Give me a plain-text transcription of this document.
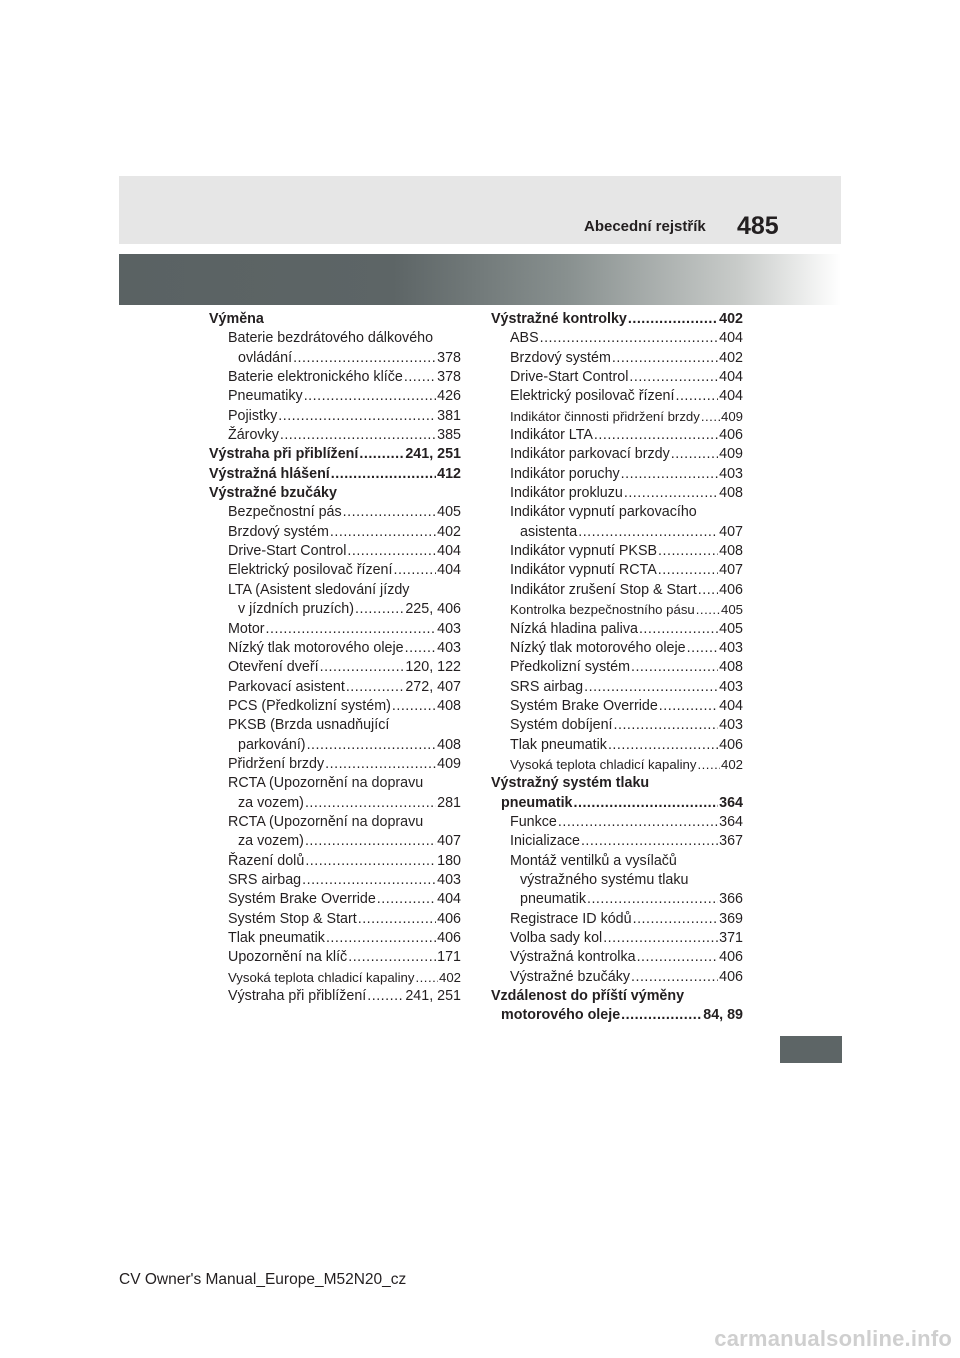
Abecední rejstřík 485
Výměna
Baterie bezdrátového dálkového
ovládání .....	378
Baterie elektronického klíče ..... 378
Pneumatiky .....	426
Pojistky .....	381
Žárovky .....	385
Výstraha při přiblížení .....	241, 251
Výstražná hlášení .....	412
Výstražné bzučáky
Bezpečnostní pás .....	405
Brzdový systém .....	402
Drive-Start Control .....	404
Elektrický posilovač řízení .....	404
LTA (Asistent sledování jízdy
v jízdních pruzích) .....	225, 406
Motor .....	403
Nízký tlak motorového oleje ..... 403
Otevření dveří .....	120, 122
Parkovací asistent .....	272, 407
PCS (Předkolizní systém) .....	408
PKSB (Brzda usnadňující
parkování) .....	408
Přidržení brzdy .....	409
RCTA (Upozornění na dopravu
za vozem) .....	281
RCTA (Upozornění na dopravu
za vozem) .....	407
Řazení dolů .....	180
SRS airbag .....	403
Systém Brake Override .....	404
Systém Stop & Start .....	406
Tlak pneumatik .....	406
Upozornění na klíč .....	171
Vysoká teplota chladicí kapaliny ..... 402
Výstraha při přiblížení .....	241, 251
Výstražné kontrolky .....	402
ABS .....	404
Brzdový systém .....	402
Drive-Start Control .....	404
Elektrický posilovač řízení .....	404
Indikátor činnosti přidržení brzdy ..... 409
Indikátor LTA .....	406
Indikátor parkovací brzdy .....	409
Indikátor poruchy .....	403
Indikátor prokluzu .....	408
Indikátor vypnutí parkovacího
asistenta .....	407
Indikátor vypnutí PKSB .....	408
Indikátor vypnutí RCTA .....	407
Indikátor zrušení Stop & Start ..... 406
Kontrolka bezpečnostního pásu ..... 405
Nízká hladina paliva .....	405
Nízký tlak motorového oleje ..... 403
Předkolizní systém .....	408
SRS airbag .....	403
Systém Brake Override .....	404
Systém dobíjení .....	403
Tlak pneumatik .....	406
Vysoká teplota chladicí kapaliny ..... 402
Výstražný systém tlaku
pneumatik .....	364
Funkce .....	364
Inicializace .....	367
Montáž ventilků a vysílačů
výstražného systému tlaku
pneumatik .....	366
Registrace ID kódů .....	369
Volba sady kol .....	371
Výstražná kontrolka .....	406
Výstražné bzučáky .....	406
Vzdálenost do příští výměny
motorového oleje .....	84, 89
CV Owner's Manual_Europe_M52N20_cz
carmanualsonline.info
